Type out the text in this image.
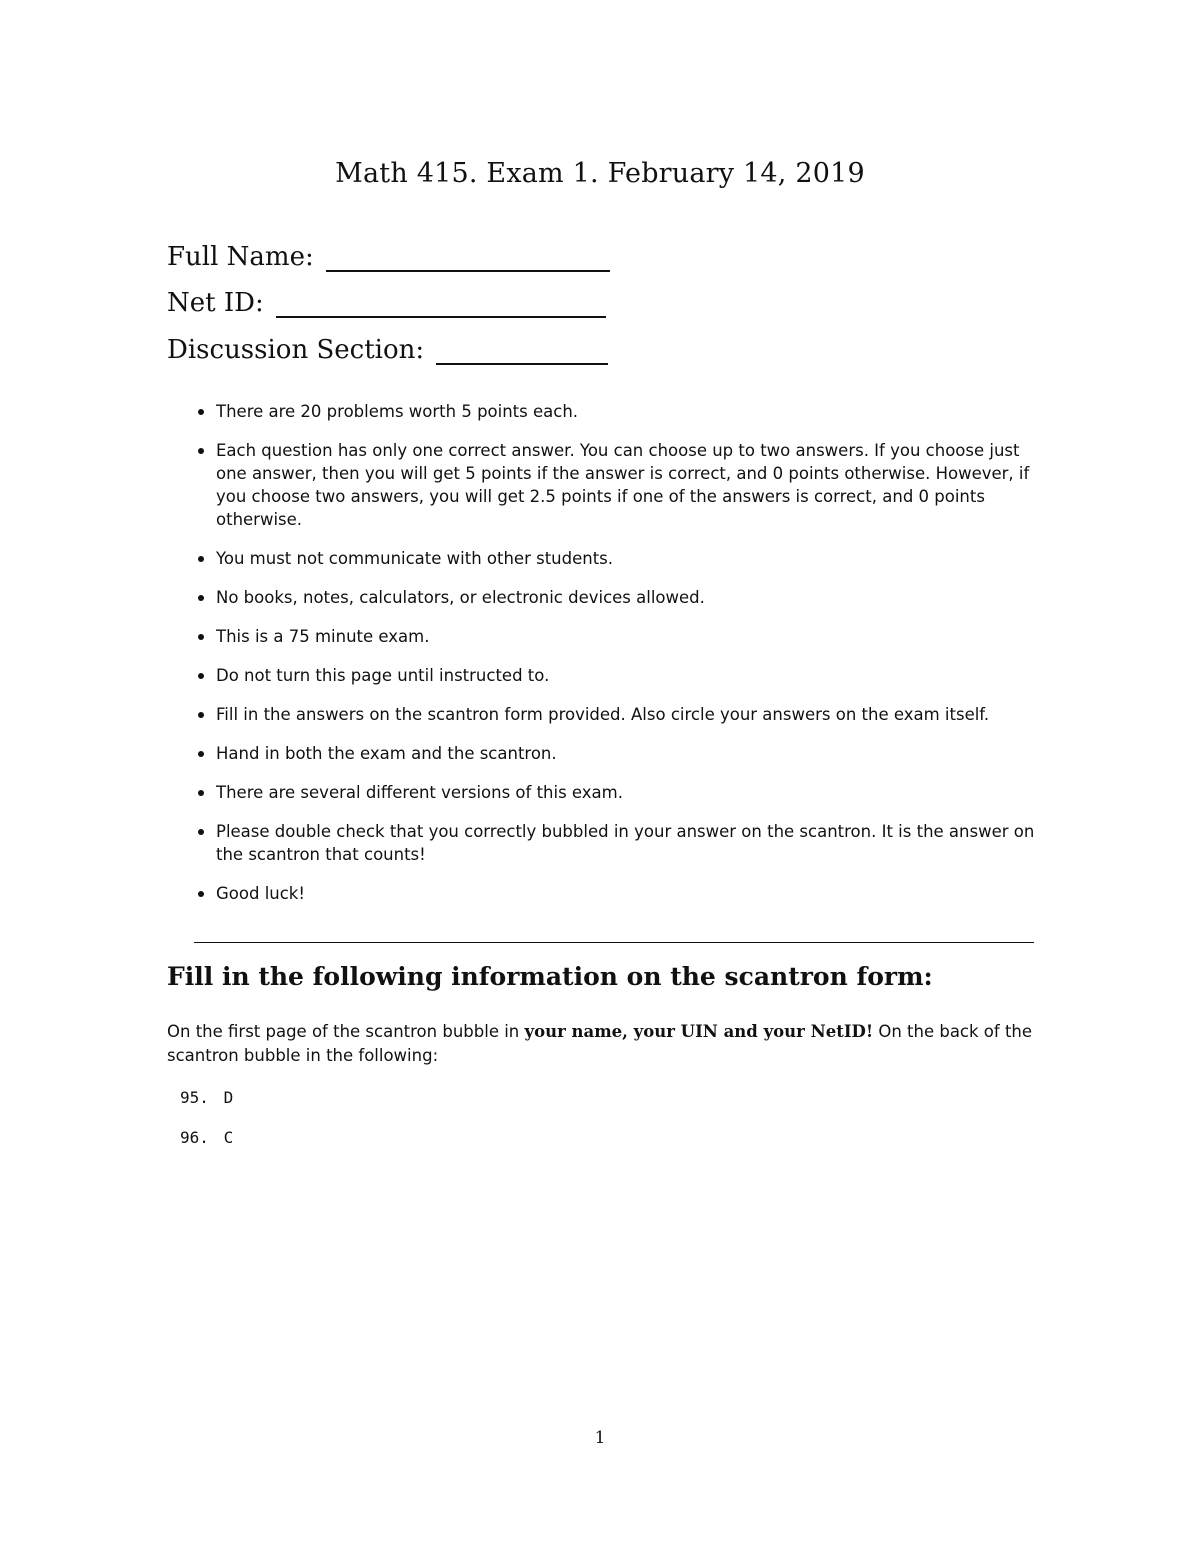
Math 415. Exam 1. February 14, 2019
Full Name:
Net ID:
Discussion Section:
There are 20 problems worth 5 points each.
Each question has only one correct answer. You can choose up to two answers. If you choose just one answer, then you will get 5 points if the answer is correct, and 0 points otherwise. However, if you choose two answers, you will get 2.5 points if one of the answers is correct, and 0 points otherwise.
You must not communicate with other students.
No books, notes, calculators, or electronic devices allowed.
This is a 75 minute exam.
Do not turn this page until instructed to.
Fill in the answers on the scantron form provided. Also circle your answers on the exam itself.
Hand in both the exam and the scantron.
There are several different versions of this exam.
Please double check that you correctly bubbled in your answer on the scantron. It is the answer on the scantron that counts!
Good luck!
Fill in the following information on the scantron form:
On the first page of the scantron bubble in your name, your UIN and your NetID! On the back of the scantron bubble in the following:
95. D
96. C
1
